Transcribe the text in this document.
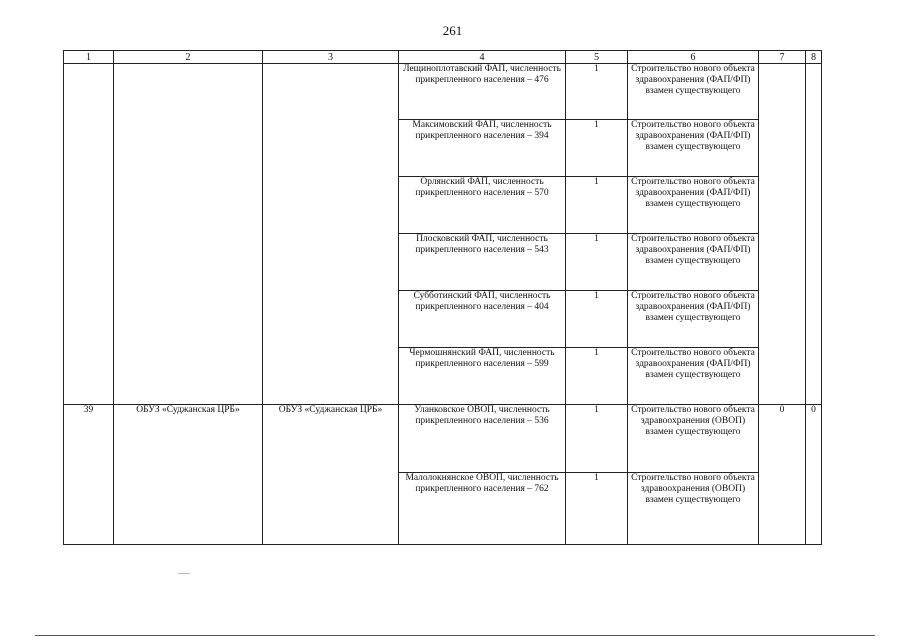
261
1	2	3	4	5	6	7	8
			Лещиноплотавский ФАП, численность прикрепленного населения – 476	1	Строительство нового объекта здравоохранения (ФАП/ФП) взамен существующего		
			Максимовский ФАП, численность прикрепленного населения – 394	1	Строительство нового объекта здравоохранения (ФАП/ФП) взамен существующего		
			Орлянский ФАП, численность прикрепленного населения – 570	1	Строительство нового объекта здравоохранения (ФАП/ФП) взамен существующего		
			Плосковский ФАП, численность прикрепленного населения – 543	1	Строительство нового объекта здравоохранения (ФАП/ФП) взамен существующего		
			Субботинский ФАП, численность прикрепленного населения – 404	1	Строительство нового объекта здравоохранения (ФАП/ФП) взамен существующего		
			Чермошнянский ФАП, численность прикрепленного населения – 599	1	Строительство нового объекта здравоохранения (ФАП/ФП) взамен существующего		
39	ОБУЗ «Суджанская ЦРБ»	ОБУЗ «Суджанская ЦРБ»	Уланковское ОВОП, численность прикрепленного населения – 536	1	Строительство нового объекта здравоохранения (ОВОП) взамен существующего	0	0
			Малолокнянское ОВОП, численность прикрепленного населения – 762	1	Строительство нового объекта здравоохранения (ОВОП) взамен существующего		
